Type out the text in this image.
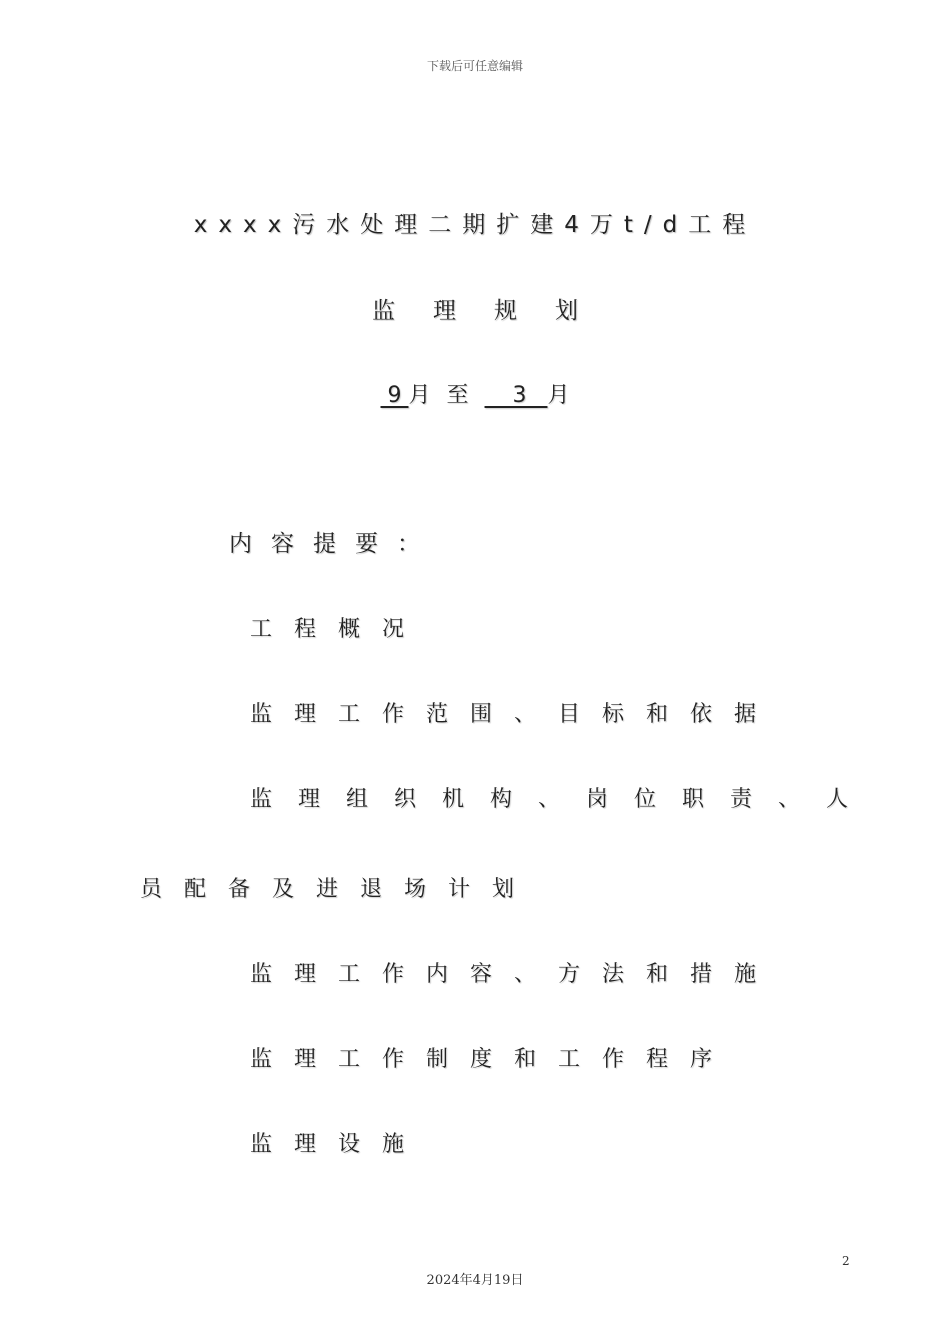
下载后可任意编辑
xxxx污水处理二期扩建4万t/d工程
监理规划
9 月 至    3   月
内容提要：
工程概况
监理工作范围、目标和依据
监理组织机构、岗位职责、人
员配备及进退场计划
监理工作内容、方法和措施
监理工作制度和工作程序
监理设施
2
2024年4月19日
